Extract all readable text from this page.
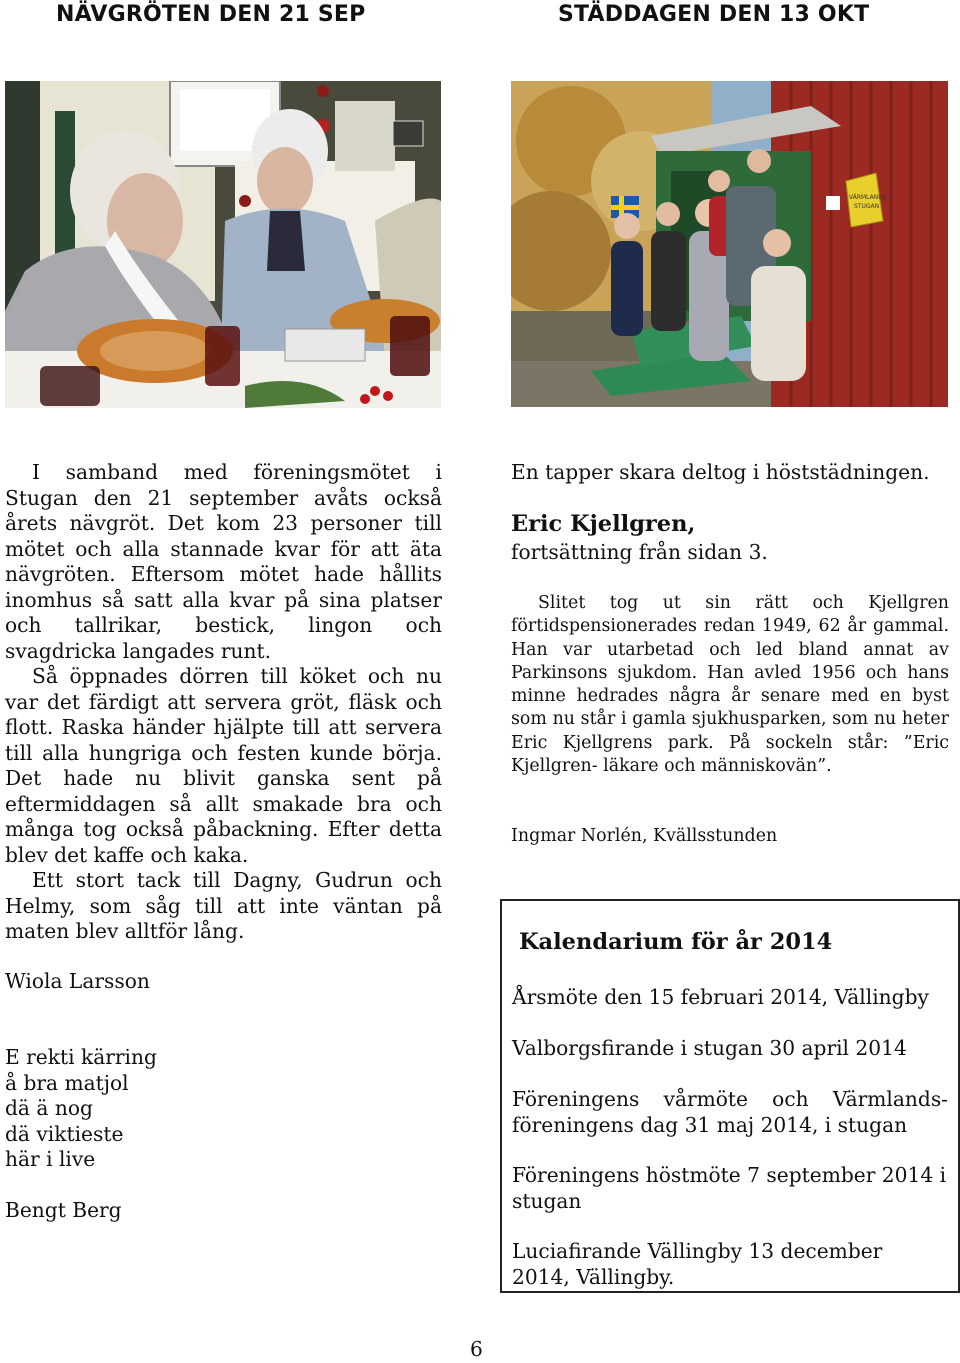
NÄVGRÖTEN DEN 21 SEP	STÄDDAGEN DEN 13 OKT
VÄRMLANDS
STUGAN

I samband med föreningsmötet i Stugan den 21 september avåts också årets nävgröt. Det kom 23 personer till mötet och alla stannade kvar för att äta nävgröten. Eftersom mötet hade hållits inomhus så satt alla kvar på sina platser och tallrikar, bestick, lingon och svagdricka langades runt.

Så öppnades dörren till köket och nu var det färdigt att servera gröt, fläsk och flott. Raska händer hjälpte till att servera till alla hungriga och festen kunde börja. Det hade nu blivit ganska sent på eftermiddagen så allt smakade bra och många tog också påbackning. Efter detta blev det kaffe och kaka.

Ett stort tack till Dagny, Gudrun och Helmy, som såg till att inte väntan på maten blev alltför lång.

Wiola Larsson
E rekti kärring
å bra matjol
dä ä nog
dä viktieste
här i live
Bengt Berg
En tapper skara deltog i höststädningen.
Eric Kjellgren,
fortsättning från sidan 3.

Slitet tog ut sin rätt och Kjellgren förtidspensionerades redan 1949, 62 år gammal. Han var utarbetad och led bland annat av Parkinsons sjukdom. Han avled 1956 och hans minne hedrades några år senare med en byst som nu står i gamla sjukhusparken, som nu heter Eric Kjellgrens park. På sockeln står: ”Eric Kjellgren- läkare och människovän”.

Ingmar Norlén, Kvällsstunden
Kalendarium för år 2014

Årsmöte den 15 februari 2014, Vällingby

Valborgsfirande i stugan 30 april 2014

Föreningens vårmöte och Värmlands-föreningens dag 31 maj 2014, i stugan

Föreningens höstmöte 7 september 2014 i stugan

Luciafirande Vällingby 13 december 2014, Vällingby.

6
